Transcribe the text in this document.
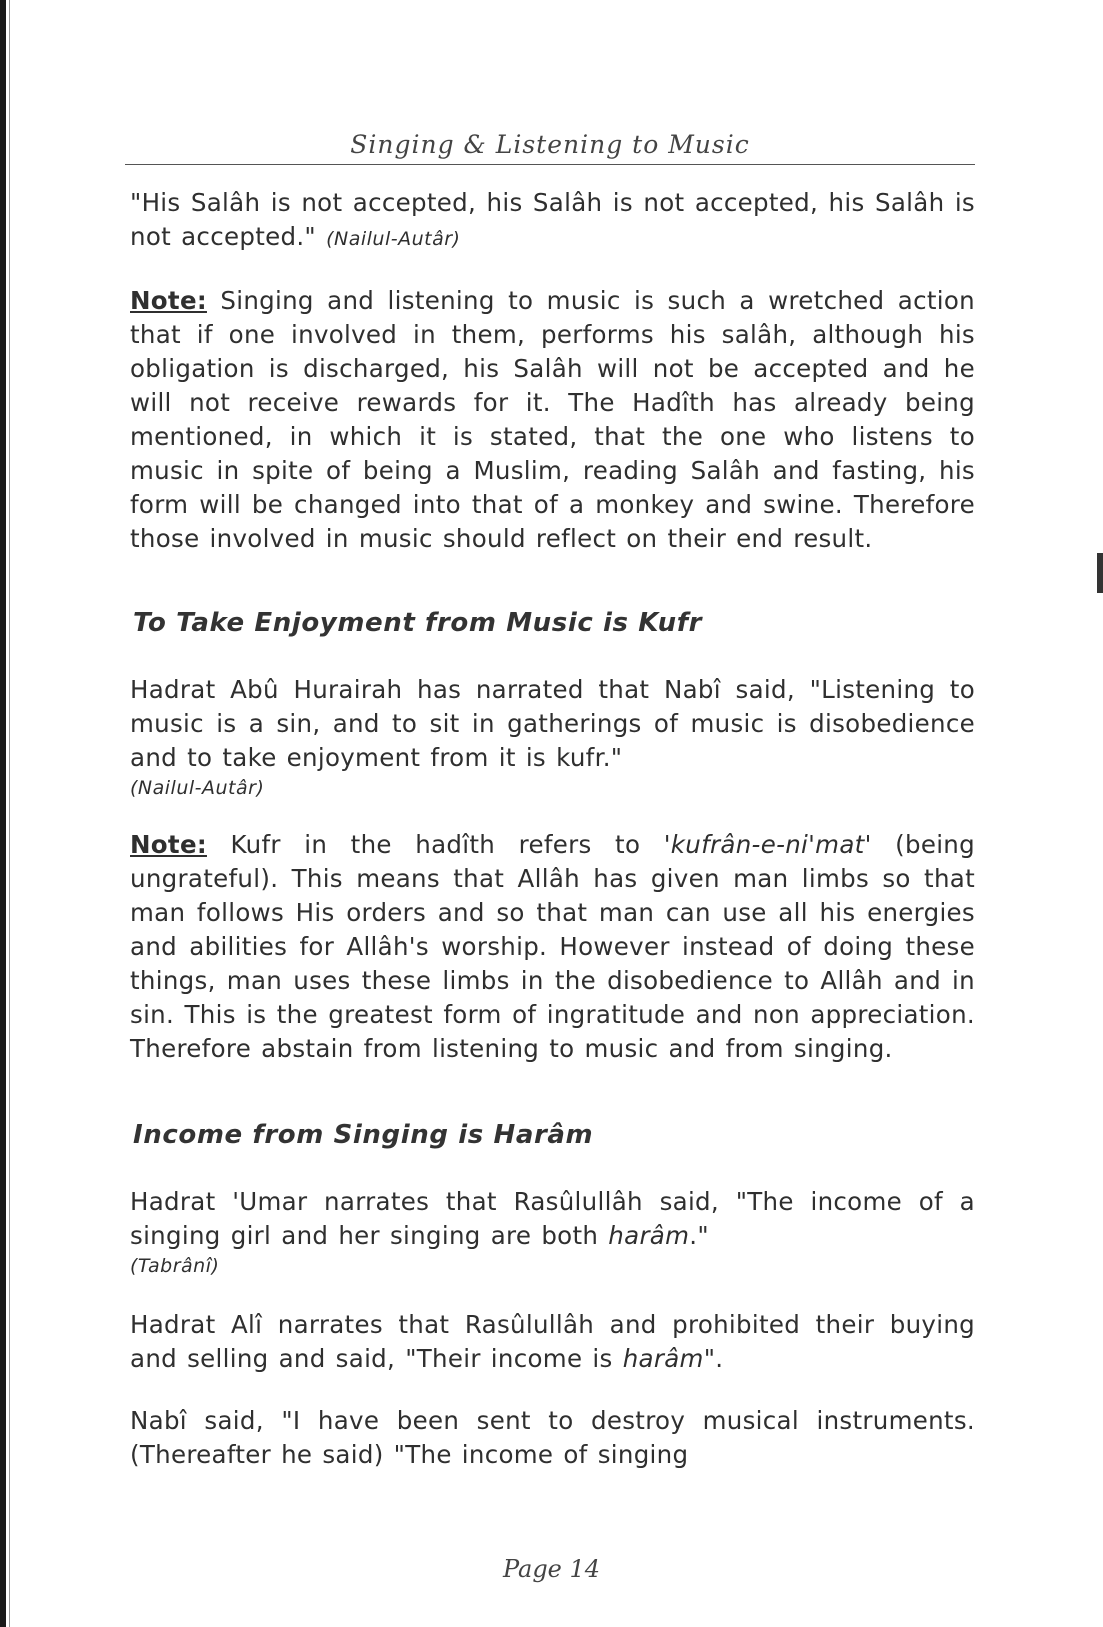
Singing & Listening to Music
"His Salâh is not accepted, his Salâh is not accepted, his Salâh is not accepted." (Nailul-Autâr)
Note: Singing and listening to music is such a wretched action that if one involved in them, performs his salâh, although his obligation is discharged, his Salâh will not be accepted and he will not receive rewards for it. The Hadîth has already being mentioned, in which it is stated, that the one who listens to music in spite of being a Muslim, reading Salâh and fasting, his form will be changed into that of a monkey and swine. Therefore those involved in music should reflect on their end result.
To Take Enjoyment from Music is Kufr
Hadrat Abû Hurairah has narrated that Nabî said, "Listening to music is a sin, and to sit in gatherings of music is disobedience and to take enjoyment from it is kufr."
(Nailul-Autâr)
Note: Kufr in the hadîth refers to 'kufrân-e-ni'mat' (being ungrateful). This means that Allâh has given man limbs so that man follows His orders and so that man can use all his energies and abilities for Allâh's worship. However instead of doing these things, man uses these limbs in the disobedience to Allâh and in sin. This is the greatest form of ingratitude and non appreciation. Therefore abstain from listening to music and from singing.
Income from Singing is Harâm
Hadrat 'Umar narrates that Rasûlullâh said, "The income of a singing girl and her singing are both harâm."
(Tabrânî)
Hadrat Alî narrates that Rasûlullâh and prohibited their buying and selling and said, "Their income is harâm".
Nabî said, "I have been sent to destroy musical instruments. (Thereafter he said) "The income of singing
Page 14
